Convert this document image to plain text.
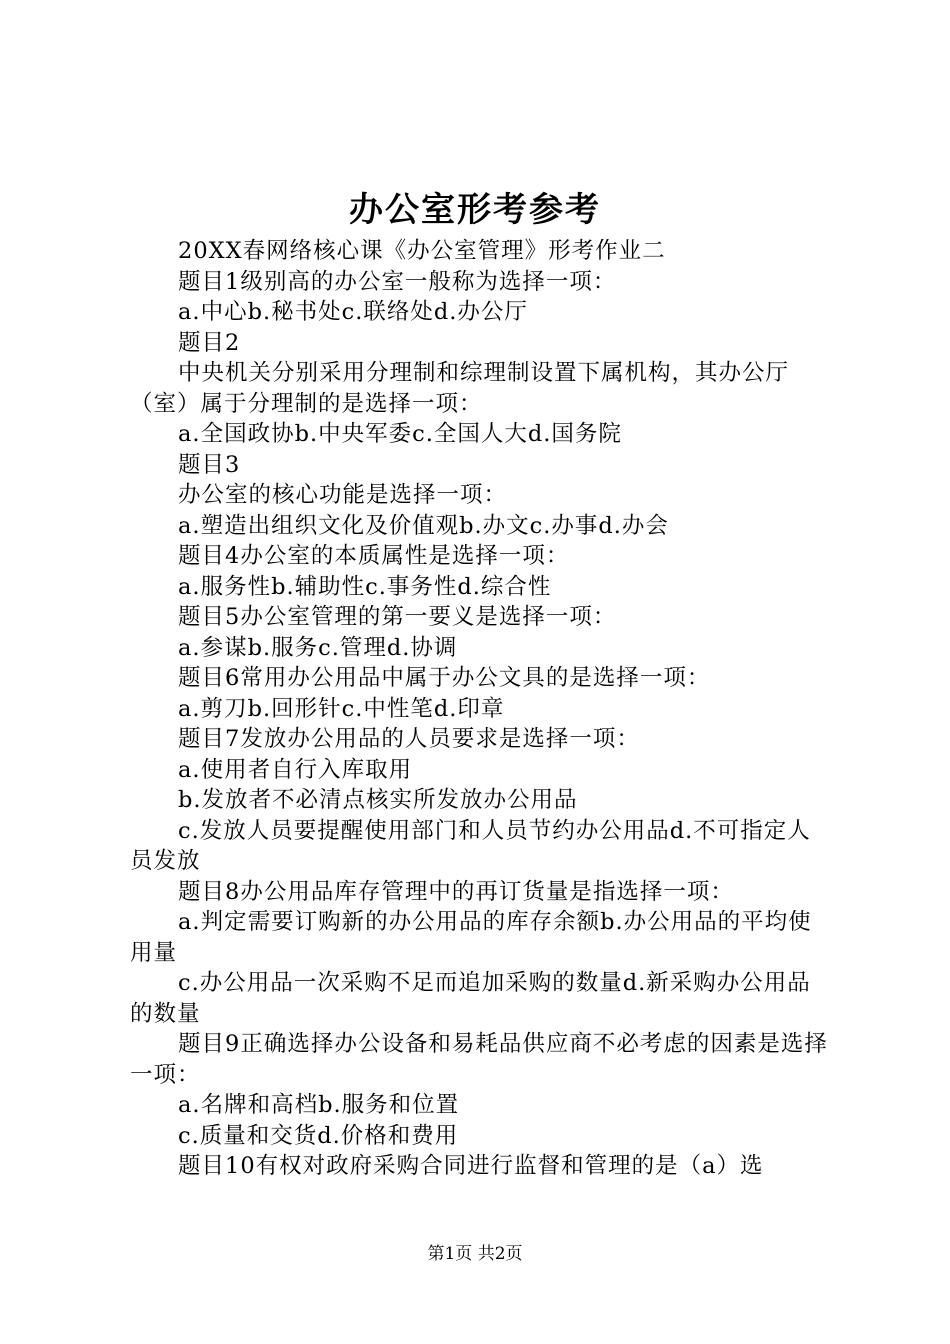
办公室形考参考

20XX春网络核心课《办公室管理》形考作业二

题目1级别高的办公室一般称为选择一项：

a.中心b.秘书处c.联络处d.办公厅

题目2

中央机关分别采用分理制和综理制设置下属机构，其办公厅（室）属于分理制的是选择一项：

a.全国政协b.中央军委c.全国人大d.国务院

题目3

办公室的核心功能是选择一项：

a.塑造出组织文化及价值观b.办文c.办事d.办会

题目4办公室的本质属性是选择一项：

a.服务性b.辅助性c.事务性d.综合性

题目5办公室管理的第一要义是选择一项：

a.参谋b.服务c.管理d.协调

题目6常用办公用品中属于办公文具的是选择一项：

a.剪刀b.回形针c.中性笔d.印章

题目7发放办公用品的人员要求是选择一项：

a.使用者自行入库取用

b.发放者不必清点核实所发放办公用品

c.发放人员要提醒使用部门和人员节约办公用品d.不可指定人员发放

题目8办公用品库存管理中的再订货量是指选择一项：

a.判定需要订购新的办公用品的库存余额b.办公用品的平均使用量

c.办公用品一次采购不足而追加采购的数量d.新采购办公用品的数量

题目9正确选择办公设备和易耗品供应商不必考虑的因素是选择一项：

a.名牌和高档b.服务和位置

c.质量和交货d.价格和费用

题目10有权对政府采购合同进行监督和管理的是（a）选

第1页 共2页
